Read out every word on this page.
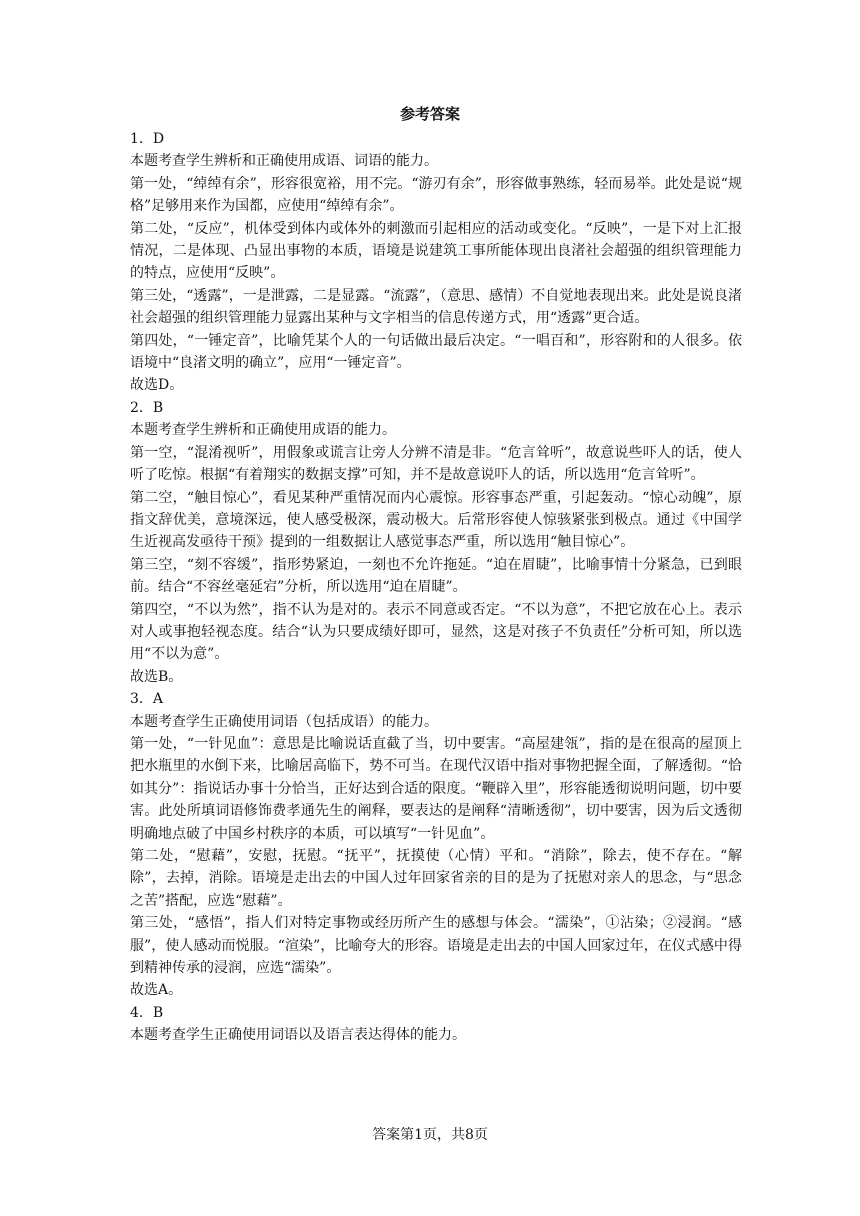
参考答案

1．D

本题考查学生辨析和正确使用成语、词语的能力。

第一处，“绰绰有余”，形容很宽裕，用不完。“游刃有余”，形容做事熟练，轻而易举。此处是说“规格”足够用来作为国都，应使用“绰绰有余”。

第二处，“反应”，机体受到体内或体外的刺激而引起相应的活动或变化。“反映”，一是下对上汇报情况，二是体现、凸显出事物的本质，语境是说建筑工事所能体现出良渚社会超强的组织管理能力的特点，应使用“反映”。

第三处，“透露”，一是泄露，二是显露。“流露”，（意思、感情）不自觉地表现出来。此处是说良渚社会超强的组织管理能力显露出某种与文字相当的信息传递方式，用“透露”更合适。

第四处，“一锤定音”，比喻凭某个人的一句话做出最后决定。“一唱百和”，形容附和的人很多。依语境中“良渚文明的确立”，应用“一锤定音”。

故选D。

2．B

本题考查学生辨析和正确使用成语的能力。

第一空，“混淆视听”，用假象或谎言让旁人分辨不清是非。“危言耸听”，故意说些吓人的话，使人听了吃惊。根据“有着翔实的数据支撑”可知，并不是故意说吓人的话，所以选用“危言耸听”。

第二空，“触目惊心”，看见某种严重情况而内心震惊。形容事态严重，引起轰动。“惊心动魄”，原指文辞优美，意境深远，使人感受极深，震动极大。后常形容使人惊骇紧张到极点。通过《中国学生近视高发亟待干预》提到的一组数据让人感觉事态严重，所以选用“触目惊心”。

第三空，“刻不容缓”，指形势紧迫，一刻也不允许拖延。“迫在眉睫”，比喻事情十分紧急，已到眼前。结合“不容丝毫延宕”分析，所以选用“迫在眉睫”。

第四空，“不以为然”，指不认为是对的。表示不同意或否定。“不以为意”，不把它放在心上。表示对人或事抱轻视态度。结合“认为只要成绩好即可，显然，这是对孩子不负责任”分析可知，所以选用“不以为意”。

故选B。

3．A

本题考查学生正确使用词语（包括成语）的能力。

第一处，“一针见血”：意思是比喻说话直截了当，切中要害。“高屋建瓴”，指的是在很高的屋顶上把水瓶里的水倒下来，比喻居高临下，势不可当。在现代汉语中指对事物把握全面，了解透彻。“恰如其分”：指说话办事十分恰当，正好达到合适的限度。“鞭辟入里”，形容能透彻说明问题，切中要害。此处所填词语修饰费孝通先生的阐释，要表达的是阐释“清晰透彻”，切中要害，因为后文透彻明确地点破了中国乡村秩序的本质，可以填写“一针见血”。

第二处，“慰藉”，安慰，抚慰。“抚平”，抚摸使（心情）平和。“消除”，除去，使不存在。“解除”，去掉，消除。语境是走出去的中国人过年回家省亲的目的是为了抚慰对亲人的思念，与“思念之苦”搭配，应选“慰藉”。

第三处，“感悟”，指人们对特定事物或经历所产生的感想与体会。“濡染”，①沾染；②浸润。“感服”，使人感动而悦服。“渲染”，比喻夸大的形容。语境是走出去的中国人回家过年，在仪式感中得到精神传承的浸润，应选“濡染”。

故选A。

4．B

本题考查学生正确使用词语以及语言表达得体的能力。

答案第1页，共8页
